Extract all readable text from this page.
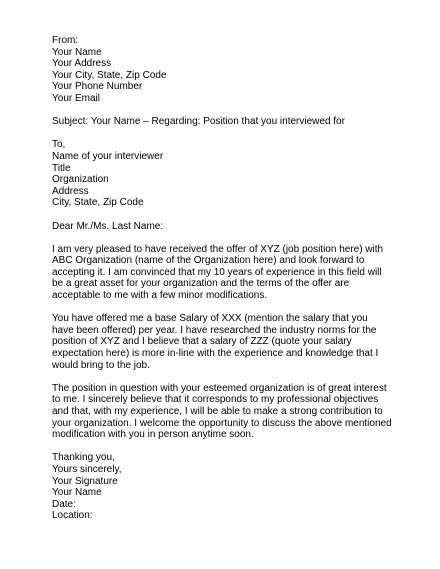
From:
Your Name
Your Address
Your City, State, Zip Code
Your Phone Number
Your Email
Subject: Your Name – Regarding: Position that you interviewed for
To,
Name of your interviewer
Title
Organization
Address
City, State, Zip Code
Dear Mr./Ms. Last Name:

I am very pleased to have received the offer of XYZ (job position here) with ABC Organization (name of the Organization here) and look forward to accepting it. I am convinced that my 10 years of experience in this field will be a great asset for your organization and the terms of the offer are acceptable to me with a few minor modifications.

You have offered me a base Salary of XXX (mention the salary that you have been offered) per year. I have researched the industry norms for the position of XYZ and I believe that a salary of ZZZ (quote your salary expectation here) is more in-line with the experience and knowledge that I would bring to the job.

The position in question with your esteemed organization is of great interest to me. I sincerely believe that it corresponds to my professional objectives and that, with my experience, I will be able to make a strong contribution to your organization. I welcome the opportunity to discuss the above mentioned modification with you in person anytime soon.

Thanking you,
Yours sincerely,
Your Signature
Your Name
Date:
Location:
